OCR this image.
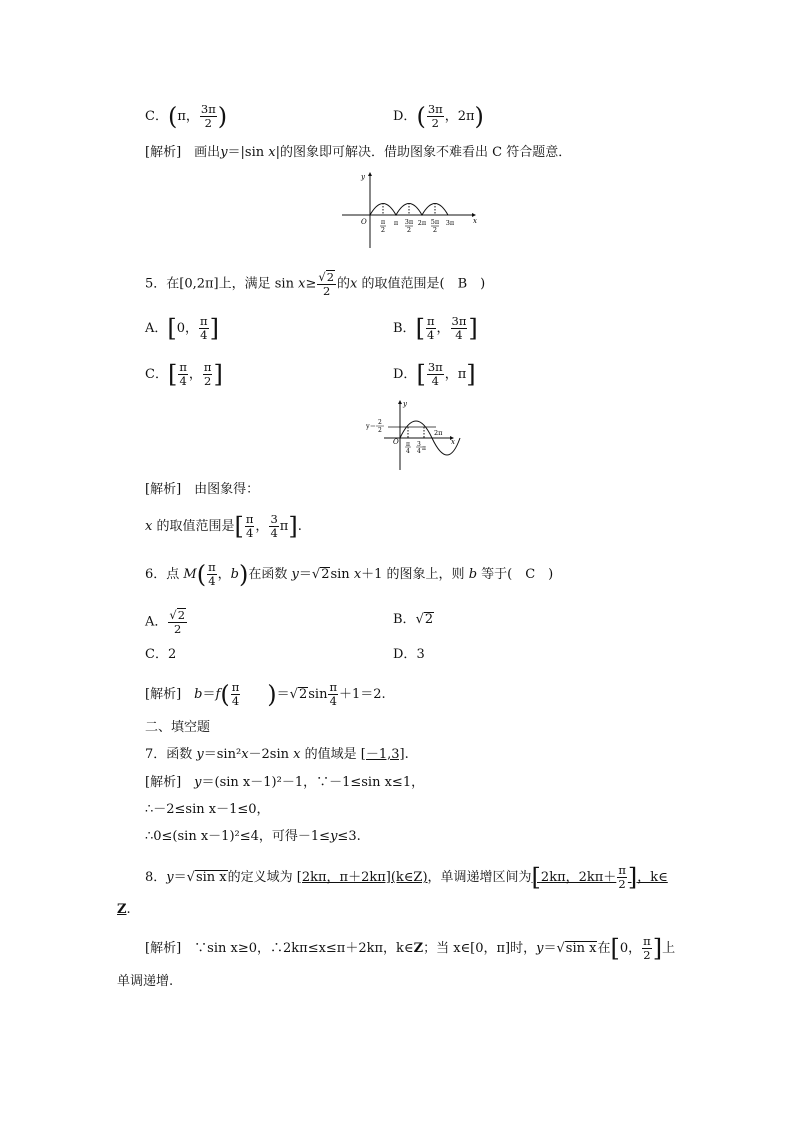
C．(π， $\frac{3\pi}{2}$ )	D．( $\frac{3\pi}{2}$ ，2π)
[解析]　 画出y＝|sin x|的图象即可解决．借助图象不难看出 C 符合题意．
y
x
O π
2
π 3π
2
2π 5π
2
3π
5．在[0,2π]上，满足 $\sin x\ge \frac{√2}{2}$ 的x 的取值范围是(　B　)
A．[0， $\frac{\pi}{4}$ ]	B．[ $\frac{\pi}{4}$ ， $\frac{3\pi}{4}$ ]
C．[ $\frac{\pi}{4}$ ， $\frac{\pi}{2}$ ]	D．[ $\frac{3\pi}{4}$ ，π]
y
x
O
y＝ 2
2
π
4
3
4 π
2π
[解析]　 由图象得：
x 的取值范围是[ $\frac{\pi}{4}$ ， $\frac{3}{4} \pi$].
6．点 $M( \frac{\pi}{4}$ ，b)在函数 y＝√2sin x＋1 的图象上，则 b 等于(　C　)
A． $\frac{√2}{2}$	B．√2
C．2	D．3
[解析]　 $b=f( \frac{\pi}{4}$
　　 )$=√2\sin \frac{\pi}{4} +1=2$.
二、填空题
7．函数 y＝sin²x－2sin x 的值域是 [－1,3].
[解析]　 y＝(sin x－1)²－1，∵－1≤sin x≤1，
∴－2≤sin x－1≤0，
∴0≤(sin x－1)²≤4，可得－1≤y≤3.
8．y＝√sin x的定义域为 [2kπ，π＋2kπ](k∈Z)，单调递增区间为[2kπ，$2k\pi+ \frac{\pi}{2}$ ]，k∈
Z.
[解析]　 ∵sin x≥0，∴2kπ≤x≤π＋2kπ，k∈Z；当 x∈[0，π]时，y＝√sin x在[0， $\frac{\pi}{2}$ ]上
单调递增.
